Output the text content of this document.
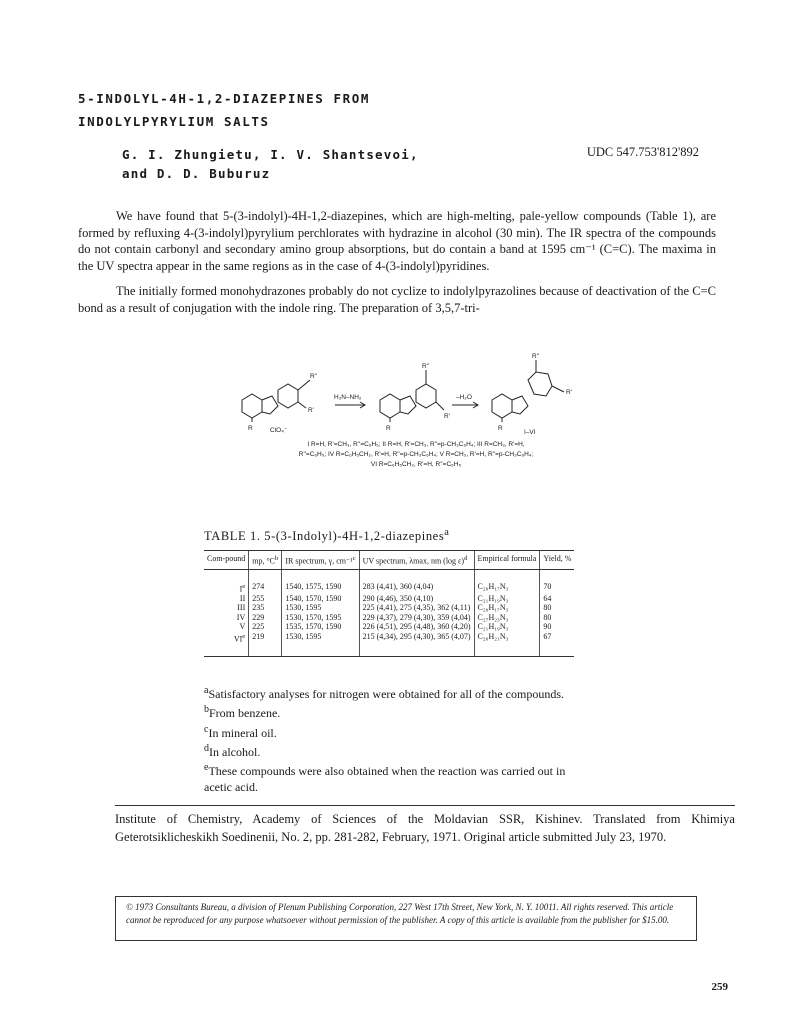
5-INDOLYL-4H-1,2-DIAZEPINES FROM
INDOLYLPYRYLIUM SALTS
G. I. Zhungietu, I. V. Shantsevoi,
and D. D. Buburuz
UDC 547.753'812'892

We have found that 5-(3-indolyl)-4H-1,2-diazepines, which are high-melting, pale-yellow compounds (Table 1), are formed by refluxing 4-(3-indolyl)pyrylium perchlorates with hydrazine in alcohol (30 min). The IR spectra of the compounds do not contain carbonyl and secondary amino group absorptions, but do contain a band at 1595 cm⁻¹ (C=C). The maxima in the UV spectra appear in the same regions as in the case of 4-(3-indolyl)pyridines.

The initially formed monohydrazones probably do not cyclize to indolylpyrazolines because of deactivation of the C=C bond as a result of conjugation with the indole ring. The preparation of 3,5,7-tri-

R
R''
R'
ClO₄⁻
H₂N–NH₂
R
R''
R'
–H₂O
R
R''
R'
I–VI
I R=H, R'=CH₃, R''=C₆H₅; II R=H, R'=CH₃, R''=p-CH₃C₆H₄; III R=CH₃, R'=H,
R''=C₆H₅; IV R=C₆H₅CH₂, R'=H, R''=p-CH₃C₆H₄; V R=CH₃, R'=H, R''=p-CH₃C₆H₄;
VI R=C₆H₅CH₂, R'=H, R''=C₆H₅
TABLE 1. 5-(3-Indolyl)-4H-1,2-diazepines$^a$
Com-pound	mp, $^\circ C^b$	IR spectrum, γ, cm⁻¹$^c$	UV spectrum, λmax, nm (log ε)$^d$	Empirical formula	Yield, %
Ie	274	1540, 1575, 1590	283 (4,41), 360 (4,04)	C₂₀H₁₇N₃	70
II	255	1540, 1570, 1590	290 (4,46), 350 (4,10)	C₂₁H₁₉N₃	64
III	235	1530, 1595	225 (4,41), 275 (4,35), 362 (4,11)	C₂₀H₁₇N₃	80
IV	229	1530, 1570, 1595	229 (4,37), 279 (4,30), 359 (4,04)	C₂₇H₂₃N₃	80
V	225	1535, 1570, 1590	226 (4,51), 295 (4,48), 360 (4,20)	C₂₁H₁₉N₃	90
VIe	219	1530, 1595	215 (4,34), 295 (4,30), 365 (4,07)	C₂₆H₂₁N₃	67
$^a$Satisfactory analyses for nitrogen were obtained for all of the compounds.
$^b$From benzene.
$^c$In mineral oil.
$^d$In alcohol.
$^e$These compounds were also obtained when the reaction was carried out in acetic acid.
Institute of Chemistry, Academy of Sciences of the Moldavian SSR, Kishinev. Translated from Khimiya Geterotsiklicheskikh Soedinenii, No. 2, pp. 281-282, February, 1971. Original article submitted July 23, 1970.
© 1973 Consultants Bureau, a division of Plenum Publishing Corporation, 227 West 17th Street, New York, N. Y. 10011. All rights reserved. This article cannot be reproduced for any purpose whatsoever without permission of the publisher. A copy of this article is available from the publisher for $15.00.
259
